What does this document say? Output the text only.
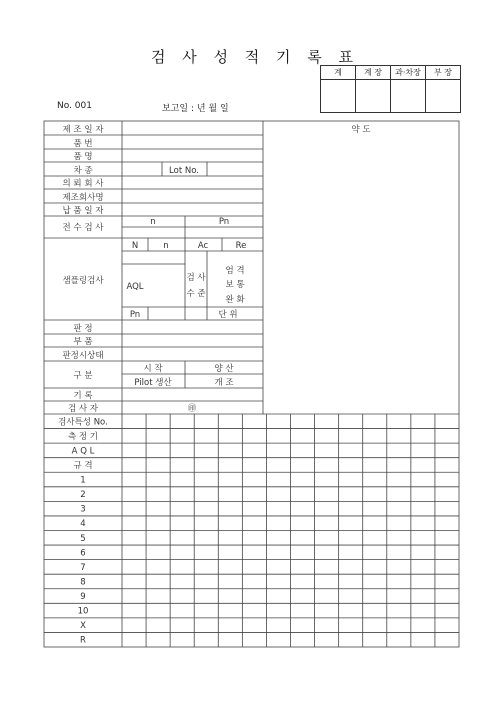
검 사 성 적 기 록 표
계	계 장	과·차장	부 장

No. 001	보고일 : 년 월 일
제 조 일 자
품 번
품 명
차 종	Lot No.
의 뢰 회 사
제조회사명
납 품 일 자
전 수 검 사
n	Pn
샘플링검사
N	n	Ac	Re
AQL
검 사
수 준
엄 격
보 통
완 화
Pn	단 위
판 정
부 품
판정시상태
구 분
시 작	양 산
Pilot 생산	개 조
기 록
검 사 자	㊞
약 도
검사특성 No.
측 정 기
A Q L
규 격
1
2
3
4
5
6
7
8
9
10
X
R
